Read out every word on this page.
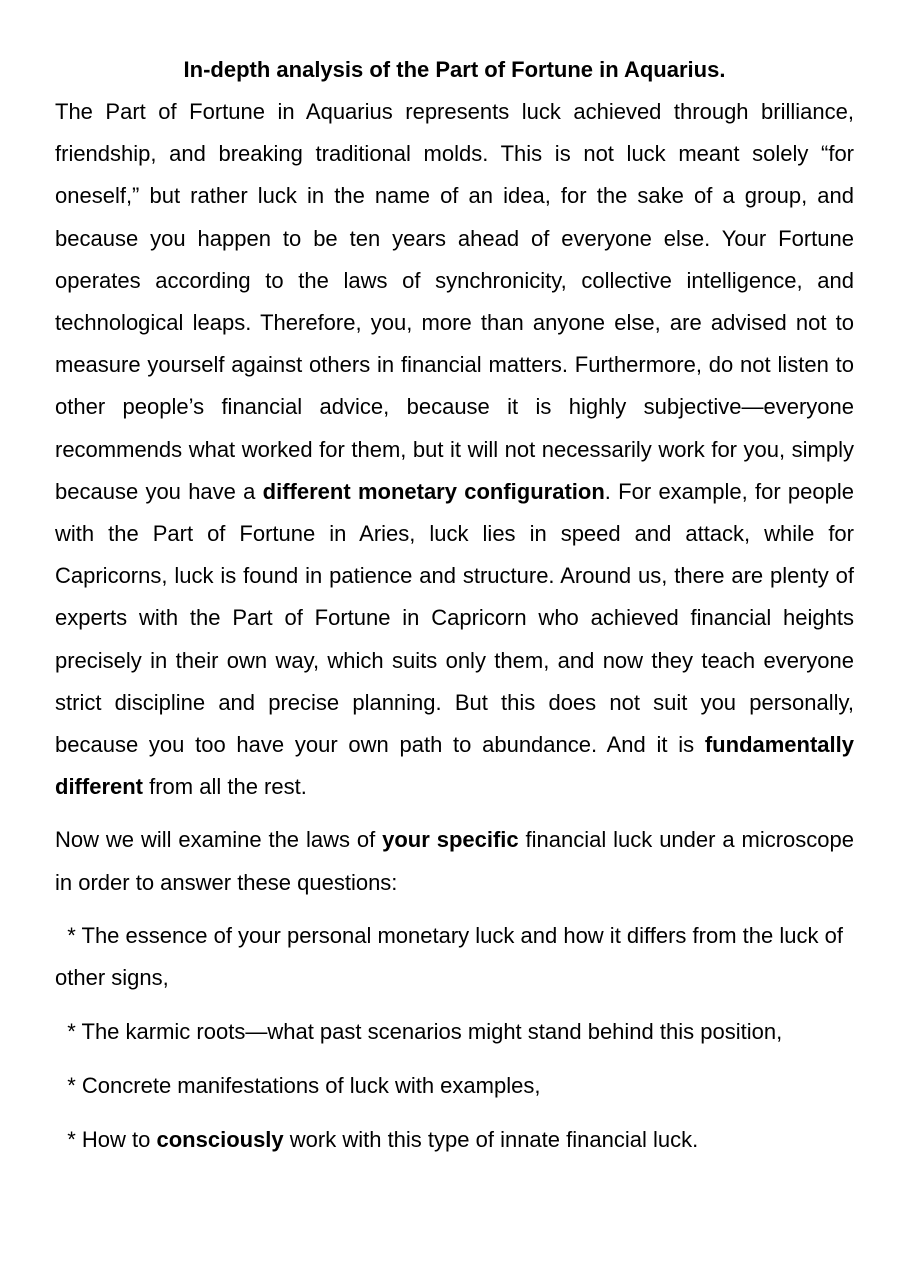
In-depth analysis of the Part of Fortune in Aquarius.

The Part of Fortune in Aquarius represents luck achieved through brilliance, friendship, and breaking traditional molds. This is not luck meant solely “for oneself,” but rather luck in the name of an idea, for the sake of a group, and because you happen to be ten years ahead of everyone else. Your Fortune operates according to the laws of synchronicity, collective intelligence, and technological leaps. Therefore, you, more than anyone else, are advised not to measure yourself against others in financial matters. Furthermore, do not listen to other people’s financial advice, because it is highly subjective—everyone recommends what worked for them, but it will not necessarily work for you, simply because you have a different monetary configuration. For example, for people with the Part of Fortune in Aries, luck lies in speed and attack, while for Capricorns, luck is found in patience and structure. Around us, there are plenty of experts with the Part of Fortune in Capricorn who achieved financial heights precisely in their own way, which suits only them, and now they teach everyone strict discipline and precise planning. But this does not suit you personally, because you too have your own path to abundance. And it is fundamentally different from all the rest.

Now we will examine the laws of your specific financial luck under a microscope in order to answer these questions:

* The essence of your personal monetary luck and how it differs from the luck of other signs,

* The karmic roots—what past scenarios might stand behind this position,

* Concrete manifestations of luck with examples,

* How to consciously work with this type of innate financial luck.
